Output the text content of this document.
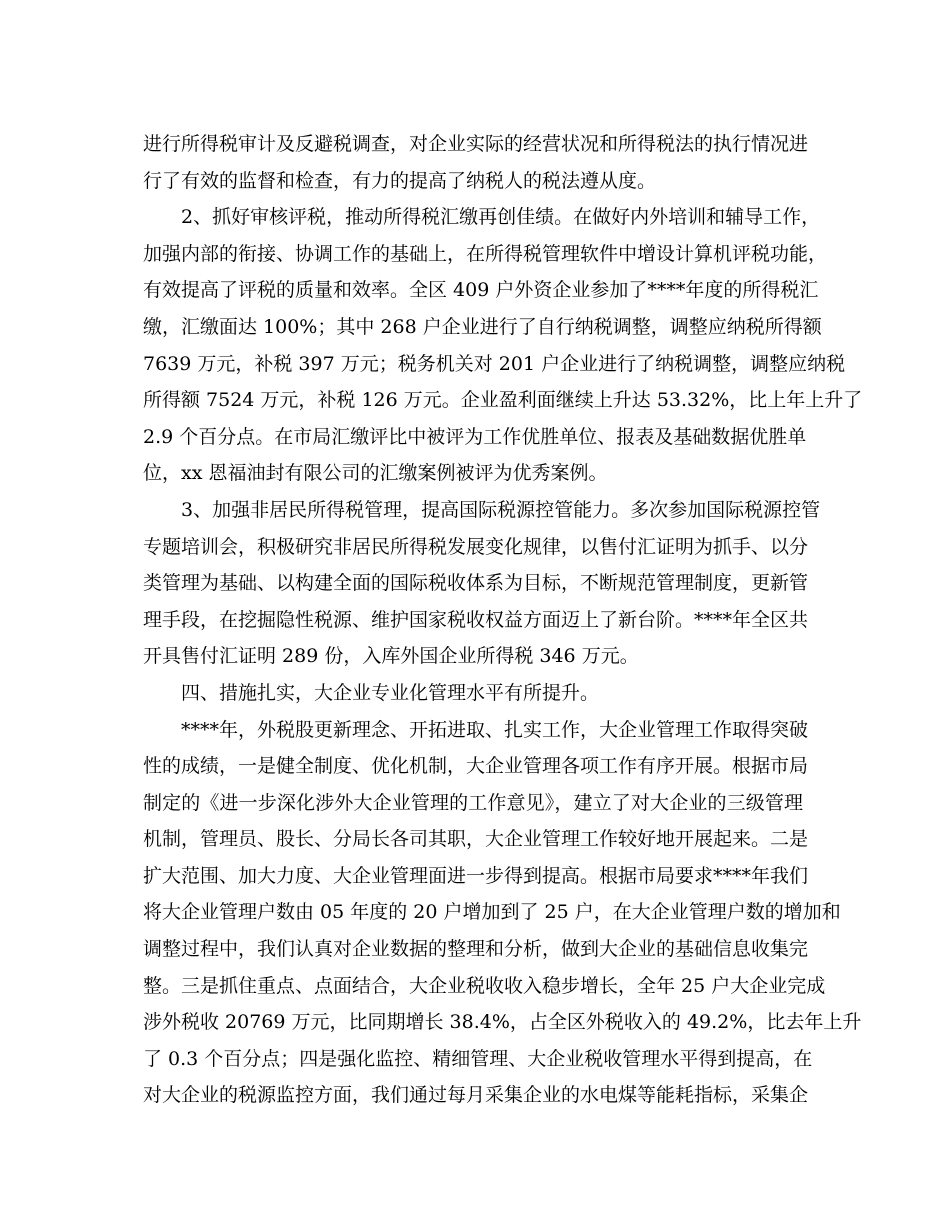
进行所得税审计及反避税调查，对企业实际的经营状况和所得税法的执行情况进
行了有效的监督和检查，有力的提高了纳税人的税法遵从度。
2、抓好审核评税，推动所得税汇缴再创佳绩。在做好内外培训和辅导工作，
加强内部的衔接、协调工作的基础上，在所得税管理软件中增设计算机评税功能，
有效提高了评税的质量和效率。全区 409 户外资企业参加了****年度的所得税汇
缴，汇缴面达 100%；其中 268 户企业进行了自行纳税调整，调整应纳税所得额
7639 万元，补税 397 万元；税务机关对 201 户企业进行了纳税调整，调整应纳税
所得额 7524 万元，补税 126 万元。企业盈利面继续上升达 53.32%，比上年上升了
2.9 个百分点。在市局汇缴评比中被评为工作优胜单位、报表及基础数据优胜单
位，xx 恩福油封有限公司的汇缴案例被评为优秀案例。
3、加强非居民所得税管理，提高国际税源控管能力。多次参加国际税源控管
专题培训会，积极研究非居民所得税发展变化规律，以售付汇证明为抓手、以分
类管理为基础、以构建全面的国际税收体系为目标，不断规范管理制度，更新管
理手段，在挖掘隐性税源、维护国家税收权益方面迈上了新台阶。****年全区共
开具售付汇证明 289 份，入库外国企业所得税 346 万元。
四、措施扎实，大企业专业化管理水平有所提升。
****年，外税股更新理念、开拓进取、扎实工作，大企业管理工作取得突破
性的成绩，一是健全制度、优化机制，大企业管理各项工作有序开展。根据市局
制定的《进一步深化涉外大企业管理的工作意见》，建立了对大企业的三级管理
机制，管理员、股长、分局长各司其职，大企业管理工作较好地开展起来。二是
扩大范围、加大力度、大企业管理面进一步得到提高。根据市局要求****年我们
将大企业管理户数由 05 年度的 20 户增加到了 25 户，在大企业管理户数的增加和
调整过程中，我们认真对企业数据的整理和分析，做到大企业的基础信息收集完
整。三是抓住重点、点面结合，大企业税收收入稳步增长，全年 25 户大企业完成
涉外税收 20769 万元，比同期增长 38.4%，占全区外税收入的 49.2%，比去年上升
了 0.3 个百分点；四是强化监控、精细管理、大企业税收管理水平得到提高，在
对大企业的税源监控方面，我们通过每月采集企业的水电煤等能耗指标，采集企
